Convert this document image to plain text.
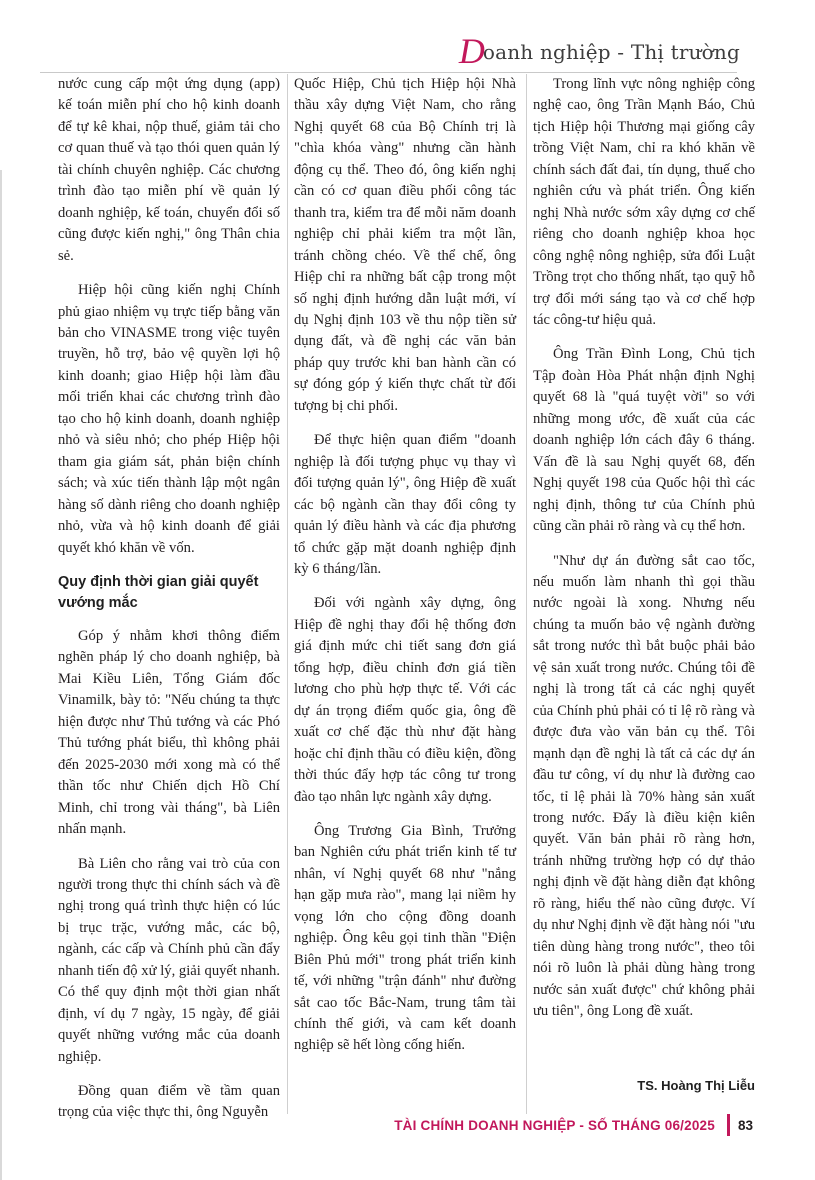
Doanh nghiệp - Thị trường

nước cung cấp một ứng dụng (app) kế toán miễn phí cho hộ kinh doanh để tự kê khai, nộp thuế, giảm tải cho cơ quan thuế và tạo thói quen quản lý tài chính chuyên nghiệp. Các chương trình đào tạo miễn phí về quản lý doanh nghiệp, kế toán, chuyển đổi số cũng được kiến nghị," ông Thân chia sẻ.

Hiệp hội cũng kiến nghị Chính phủ giao nhiệm vụ trực tiếp bằng văn bản cho VINASME trong việc tuyên truyền, hỗ trợ, bảo vệ quyền lợi hộ kinh doanh; giao Hiệp hội làm đầu mối triển khai các chương trình đào tạo cho hộ kinh doanh, doanh nghiệp nhỏ và siêu nhỏ; cho phép Hiệp hội tham gia giám sát, phản biện chính sách; và xúc tiến thành lập một ngân hàng số dành riêng cho doanh nghiệp nhỏ, vừa và hộ kinh doanh để giải quyết khó khăn về vốn.

Quy định thời gian giải quyết vướng mắc

Góp ý nhằm khơi thông điểm nghẽn pháp lý cho doanh nghiệp, bà Mai Kiều Liên, Tổng Giám đốc Vinamilk, bày tỏ: "Nếu chúng ta thực hiện được như Thủ tướng và các Phó Thủ tướng phát biểu, thì không phải đến 2025-2030 mới xong mà có thể thần tốc như Chiến dịch Hồ Chí Minh, chỉ trong vài tháng", bà Liên nhấn mạnh.

Bà Liên cho rằng vai trò của con người trong thực thi chính sách và đề nghị trong quá trình thực hiện có lúc bị trục trặc, vướng mắc, các bộ, ngành, các cấp và Chính phủ cần đẩy nhanh tiến độ xử lý, giải quyết nhanh. Có thể quy định một thời gian nhất định, ví dụ 7 ngày, 15 ngày, để giải quyết những vướng mắc của doanh nghiệp.

Đồng quan điểm về tầm quan trọng của việc thực thi, ông Nguyễn

Quốc Hiệp, Chủ tịch Hiệp hội Nhà thầu xây dựng Việt Nam, cho rằng Nghị quyết 68 của Bộ Chính trị là "chìa khóa vàng" nhưng cần hành động cụ thể. Theo đó, ông kiến nghị cần có cơ quan điều phối công tác thanh tra, kiểm tra để mỗi năm doanh nghiệp chỉ phải kiểm tra một lần, tránh chồng chéo. Về thể chế, ông Hiệp chỉ ra những bất cập trong một số nghị định hướng dẫn luật mới, ví dụ Nghị định 103 về thu nộp tiền sử dụng đất, và đề nghị các văn bản pháp quy trước khi ban hành cần có sự đóng góp ý kiến thực chất từ đối tượng bị chi phối.

Để thực hiện quan điểm "doanh nghiệp là đối tượng phục vụ thay vì đối tượng quản lý", ông Hiệp đề xuất các bộ ngành cần thay đổi công ty quản lý điều hành và các địa phương tổ chức gặp mặt doanh nghiệp định kỳ 6 tháng/lần.

Đối với ngành xây dựng, ông Hiệp đề nghị thay đổi hệ thống đơn giá định mức chi tiết sang đơn giá tổng hợp, điều chỉnh đơn giá tiền lương cho phù hợp thực tế. Với các dự án trọng điểm quốc gia, ông đề xuất cơ chế đặc thù như đặt hàng hoặc chỉ định thầu có điều kiện, đồng thời thúc đẩy hợp tác công tư trong đào tạo nhân lực ngành xây dựng.

Ông Trương Gia Bình, Trưởng ban Nghiên cứu phát triển kinh tế tư nhân, ví Nghị quyết 68 như "nắng hạn gặp mưa rào", mang lại niềm hy vọng lớn cho cộng đồng doanh nghiệp. Ông kêu gọi tinh thần "Điện Biên Phủ mới" trong phát triển kinh tế, với những "trận đánh" như đường sắt cao tốc Bắc-Nam, trung tâm tài chính thế giới, và cam kết doanh nghiệp sẽ hết lòng cống hiến.

Trong lĩnh vực nông nghiệp công nghệ cao, ông Trần Mạnh Báo, Chủ tịch Hiệp hội Thương mại giống cây trồng Việt Nam, chỉ ra khó khăn về chính sách đất đai, tín dụng, thuế cho nghiên cứu và phát triển. Ông kiến nghị Nhà nước sớm xây dựng cơ chế riêng cho doanh nghiệp khoa học công nghệ nông nghiệp, sửa đổi Luật Trồng trọt cho thống nhất, tạo quỹ hỗ trợ đổi mới sáng tạo và cơ chế hợp tác công-tư hiệu quả.

Ông Trần Đình Long, Chủ tịch Tập đoàn Hòa Phát nhận định Nghị quyết 68 là "quá tuyệt vời" so với những mong ước, đề xuất của các doanh nghiệp lớn cách đây 6 tháng. Vấn đề là sau Nghị quyết 68, đến Nghị quyết 198 của Quốc hội thì các nghị định, thông tư của Chính phủ cũng cần phải rõ ràng và cụ thể hơn.

"Như dự án đường sắt cao tốc, nếu muốn làm nhanh thì gọi thầu nước ngoài là xong. Nhưng nếu chúng ta muốn bảo vệ ngành đường sắt trong nước thì bắt buộc phải bảo vệ sản xuất trong nước. Chúng tôi đề nghị là trong tất cả các nghị quyết của Chính phủ phải có tỉ lệ rõ ràng và được đưa vào văn bản cụ thể. Tôi mạnh dạn đề nghị là tất cả các dự án đầu tư công, ví dụ như là đường cao tốc, tỉ lệ phải là 70% hàng sản xuất trong nước. Đấy là điều kiện kiên quyết. Văn bản phải rõ ràng hơn, tránh những trường hợp có dự thảo nghị định về đặt hàng diễn đạt không rõ ràng, hiểu thế nào cũng được. Ví dụ như Nghị định về đặt hàng nói "ưu tiên dùng hàng trong nước", theo tôi nói rõ luôn là phải dùng hàng trong nước sản xuất được" chứ không phải ưu tiên", ông Long đề xuất.

TS. Hoàng Thị Liễu
TÀI CHÍNH DOANH NGHIỆP - SỐ THÁNG 06/2025 83
